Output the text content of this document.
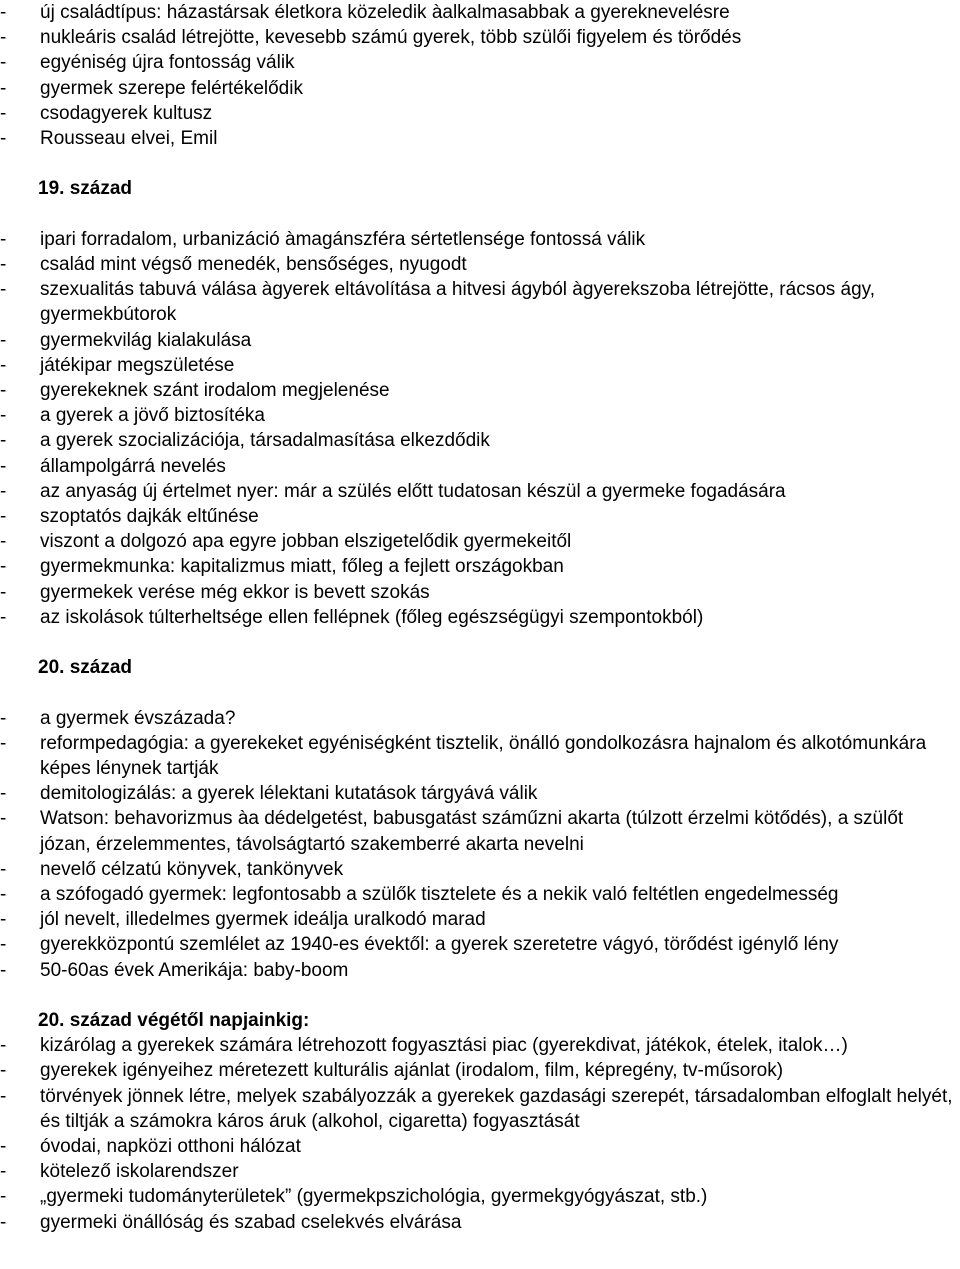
-	új családtípus: házastársak életkora közeledik àalkalmasabbak a gyereknevelésre
-	nukleáris család létrejötte, kevesebb számú gyerek, több szülői figyelem és törődés
-	egyéniség újra fontosság válik
-	gyermek szerepe felértékelődik
-	csodagyerek kultusz
-	Rousseau elvei, Emil
19. század
-	ipari forradalom, urbanizáció àmagánszféra sértetlensége fontossá válik
-	család mint végső menedék, bensőséges, nyugodt
-	szexualitás tabuvá válása àgyerek eltávolítása a hitvesi ágyból àgyerekszoba létrejötte, rácsos ágy, gyermekbútorok
-	gyermekvilág kialakulása
-	játékipar megszületése
-	gyerekeknek szánt irodalom megjelenése
-	a gyerek a jövő biztosítéka
-	a gyerek szocializációja, társadalmasítása elkezdődik
-	állampolgárrá nevelés
-	az anyaság új értelmet nyer: már a szülés előtt tudatosan készül a gyermeke fogadására
-	szoptatós dajkák eltűnése
-	viszont a dolgozó apa egyre jobban elszigetelődik gyermekeitől
-	gyermekmunka: kapitalizmus miatt, főleg a fejlett országokban
-	gyermekek verése még ekkor is bevett szokás
-	az iskolások túlterheltsége ellen fellépnek (főleg egészségügyi szempontokból)
20. század
-	a gyermek évszázada?
-	reformpedagógia: a gyerekeket egyéniségként tisztelik, önálló gondolkozásra hajnalom és alkotómunkára képes lénynek tartják
-	demitologizálás: a gyerek lélektani kutatások tárgyává válik
-	Watson: behavorizmus àa dédelgetést, babusgatást száműzni akarta (túlzott érzelmi kötődés), a szülőt józan, érzelemmentes, távolságtartó szakemberré akarta nevelni
-	nevelő célzatú könyvek, tankönyvek
-	a szófogadó gyermek: legfontosabb a szülők tisztelete és a nekik való feltétlen engedelmesség
-	jól nevelt, illedelmes gyermek ideálja uralkodó marad
-	gyerekközpontú szemlélet az 1940-es évektől: a gyerek szeretetre vágyó, törődést igénylő lény
-	50-60as évek Amerikája: baby-boom
20. század végétől napjainkig:
-	kizárólag a gyerekek számára létrehozott fogyasztási piac (gyerekdivat, játékok, ételek, italok…)
-	gyerekek igényeihez méretezett kulturális ajánlat (irodalom, film, képregény, tv-műsorok)
-	törvények jönnek létre, melyek szabályozzák a gyerekek gazdasági szerepét, társadalomban elfoglalt helyét, és tiltják a számokra káros áruk (alkohol, cigaretta) fogyasztását
-	óvodai, napközi otthoni hálózat
-	kötelező iskolarendszer
-	„gyermeki tudományterületek” (gyermekpszichológia, gyermekgyógyászat, stb.)
-	gyermeki önállóság és szabad cselekvés elvárása
